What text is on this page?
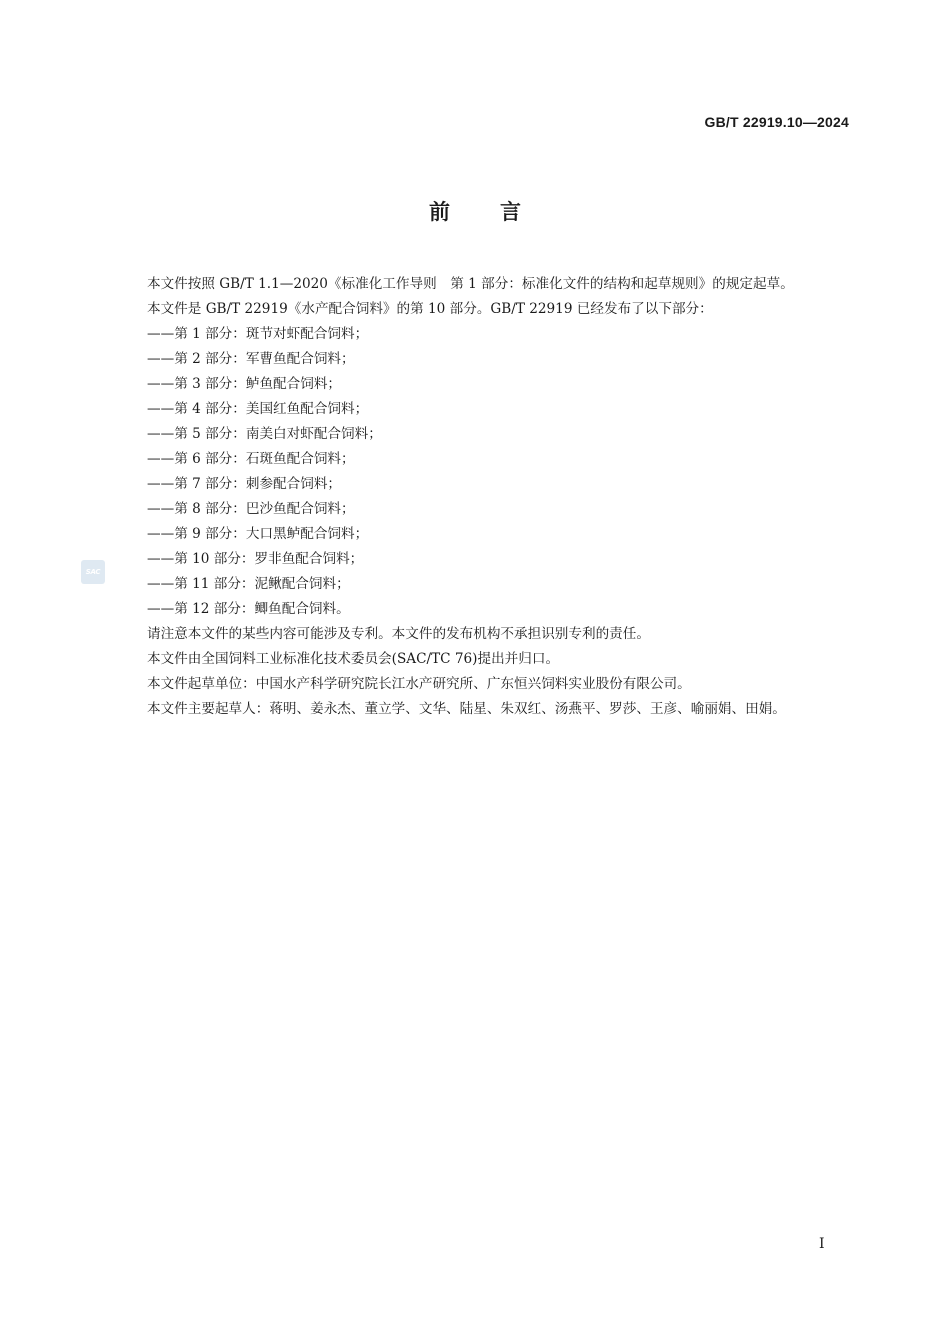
GB/T 22919.10—2024
前言
SAC

本文件按照 GB/T 1.1—2020《标准化工作导则　第 1 部分：标准化文件的结构和起草规则》的规定起草。

本文件是 GB/T 22919《水产配合饲料》的第 10 部分。GB/T 22919 已经发布了以下部分：

——第 1 部分：斑节对虾配合饲料；

——第 2 部分：军曹鱼配合饲料；

——第 3 部分：鲈鱼配合饲料；

——第 4 部分：美国红鱼配合饲料；

——第 5 部分：南美白对虾配合饲料；

——第 6 部分：石斑鱼配合饲料；

——第 7 部分：刺参配合饲料；

——第 8 部分：巴沙鱼配合饲料；

——第 9 部分：大口黑鲈配合饲料；

——第 10 部分：罗非鱼配合饲料；

——第 11 部分：泥鳅配合饲料；

——第 12 部分：鲫鱼配合饲料。

请注意本文件的某些内容可能涉及专利。本文件的发布机构不承担识别专利的责任。

本文件由全国饲料工业标准化技术委员会(SAC/TC 76)提出并归口。

本文件起草单位：中国水产科学研究院长江水产研究所、广东恒兴饲料实业股份有限公司。

本文件主要起草人：蒋明、姜永杰、董立学、文华、陆星、朱双红、汤燕平、罗莎、王彦、喻丽娟、田娟。

I
